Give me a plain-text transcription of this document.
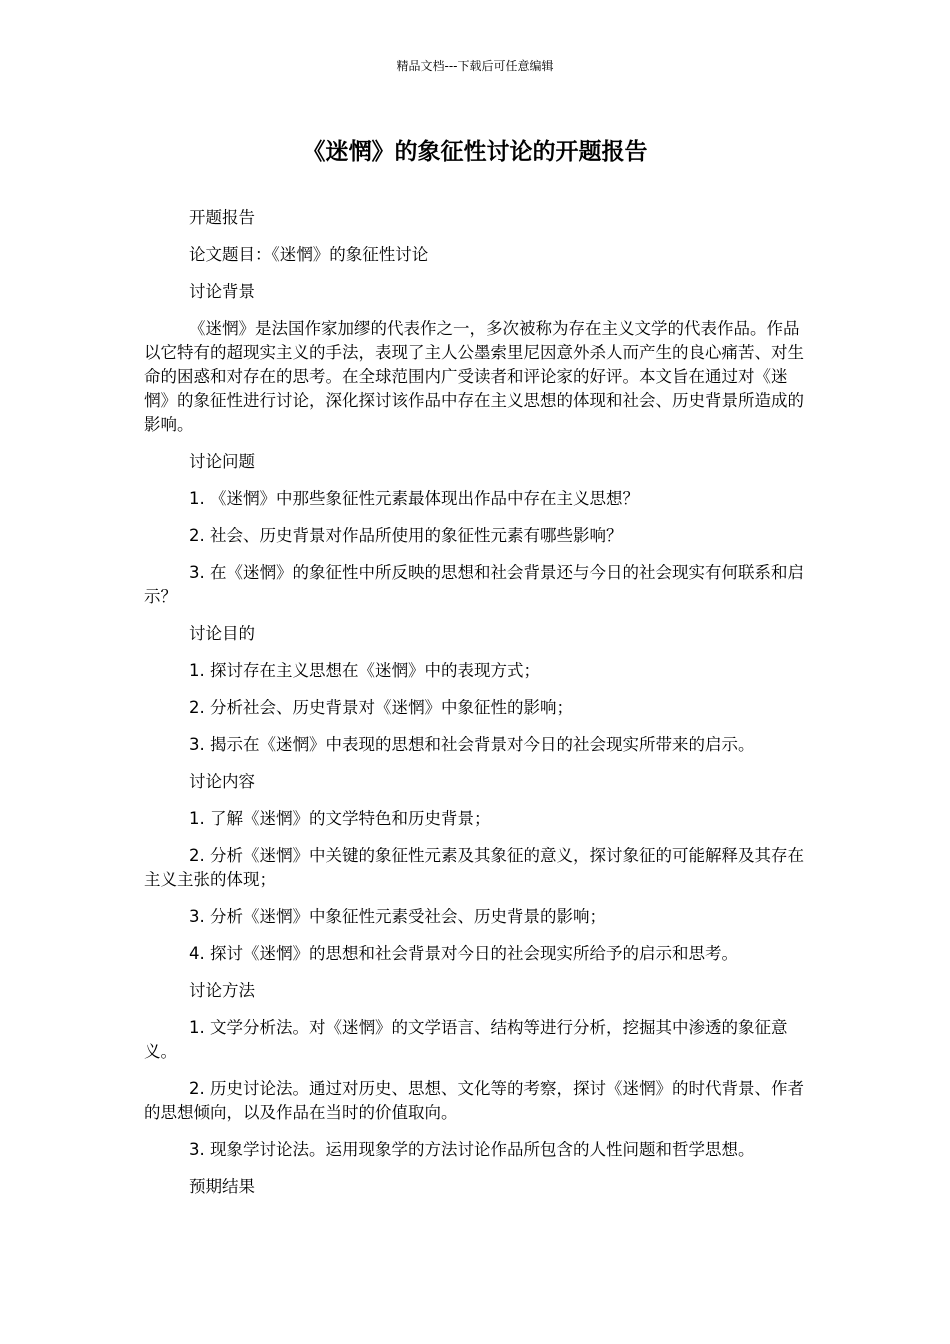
精品文档---下载后可任意编辑
《迷惘》的象征性讨论的开题报告

开题报告

论文题目：《迷惘》的象征性讨论

讨论背景

《迷惘》是法国作家加缪的代表作之一，多次被称为存在主义文学的代表作品。作品以它特有的超现实主义的手法，表现了主人公墨索里尼因意外杀人而产生的良心痛苦、对生命的困惑和对存在的思考。在全球范围内广受读者和评论家的好评。本文旨在通过对《迷惘》的象征性进行讨论，深化探讨该作品中存在主义思想的体现和社会、历史背景所造成的影响。

讨论问题

1. 《迷惘》中那些象征性元素最体现出作品中存在主义思想？

2. 社会、历史背景对作品所使用的象征性元素有哪些影响？

3. 在《迷惘》的象征性中所反映的思想和社会背景还与今日的社会现实有何联系和启示？

讨论目的

1. 探讨存在主义思想在《迷惘》中的表现方式；

2. 分析社会、历史背景对《迷惘》中象征性的影响；

3. 揭示在《迷惘》中表现的思想和社会背景对今日的社会现实所带来的启示。

讨论内容

1. 了解《迷惘》的文学特色和历史背景；

2. 分析《迷惘》中关键的象征性元素及其象征的意义，探讨象征的可能解释及其存在主义主张的体现；

3. 分析《迷惘》中象征性元素受社会、历史背景的影响；

4. 探讨《迷惘》的思想和社会背景对今日的社会现实所给予的启示和思考。

讨论方法

1. 文学分析法。对《迷惘》的文学语言、结构等进行分析，挖掘其中渗透的象征意义。

2. 历史讨论法。通过对历史、思想、文化等的考察，探讨《迷惘》的时代背景、作者的思想倾向，以及作品在当时的价值取向。

3. 现象学讨论法。运用现象学的方法讨论作品所包含的人性问题和哲学思想。

预期结果
